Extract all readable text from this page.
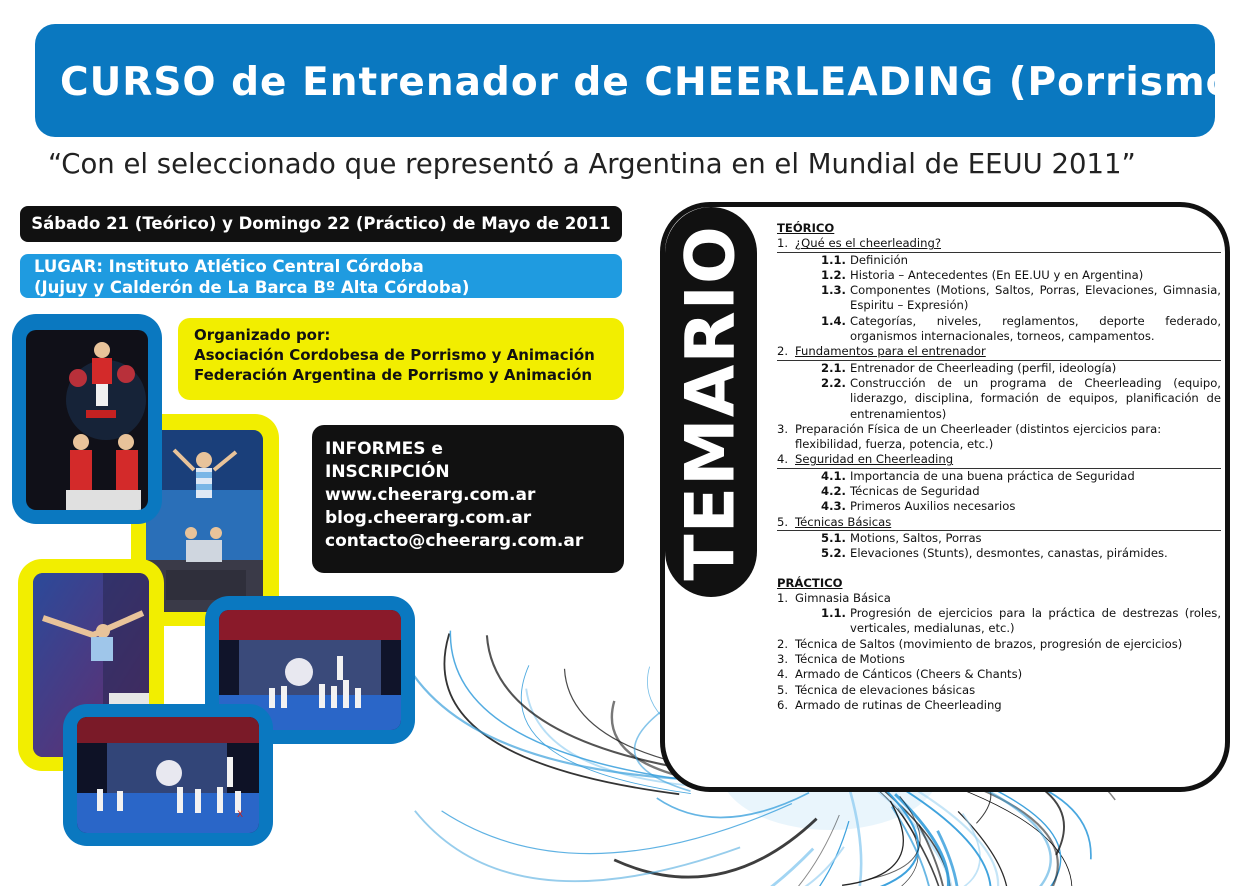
CURSO de Entrenador de CHEERLEADING (Porrismo)
“Con el seleccionado que representó a Argentina en el Mundial de EEUU 2011”
Sábado 21 (Teórico) y Domingo 22 (Práctico) de Mayo de 2011
LUGAR: Instituto Atlético Central Córdoba
(Jujuy y Calderón de La Barca Bº Alta Córdoba)
Organizado por:
Asociación Cordobesa de Porrismo y Animación
Federación Argentina de Porrismo y Animación
INFORMES e
INSCRIPCIÓN
www.cheerarg.com.ar
blog.cheerarg.com.ar
contacto@cheerarg.com.ar
X
TEMARIO TEÓRICO
1. ¿Qué es el cheerleading?
1.1. Definición
1.2. Historia – Antecedentes (En EE.UU y en Argentina)
1.3. Componentes (Motions, Saltos, Porras, Elevaciones, Gimnasia, Espiritu – Expresión)
1.4. Categorías, niveles, reglamentos, deporte federado, organismos internacionales, torneos, campamentos.
2. Fundamentos para el entrenador
2.1. Entrenador de Cheerleading (perfil, ideología)
2.2. Construcción de un programa de Cheerleading (equipo, liderazgo, disciplina, formación de equipos, planificación de entrenamientos)
3. Preparación Física de un Cheerleader (distintos ejercicios para: flexibilidad, fuerza, potencia, etc.)
4. Seguridad en Cheerleading
4.1. Importancia de una buena práctica de Seguridad
4.2. Técnicas de Seguridad
4.3. Primeros Auxilios necesarios
5. Técnicas Básicas
5.1. Motions, Saltos, Porras
5.2. Elevaciones (Stunts), desmontes, canastas, pirámides.
PRÁCTICO
1. Gimnasia Básica
1.1. Progresión de ejercicios para la práctica de destrezas (roles, verticales, medialunas, etc.)
2. Técnica de Saltos (movimiento de brazos, progresión de ejercicios)
3. Técnica de Motions
4. Armado de Cánticos (Cheers & Chants)
5. Técnica de elevaciones básicas
6. Armado de rutinas de Cheerleading
